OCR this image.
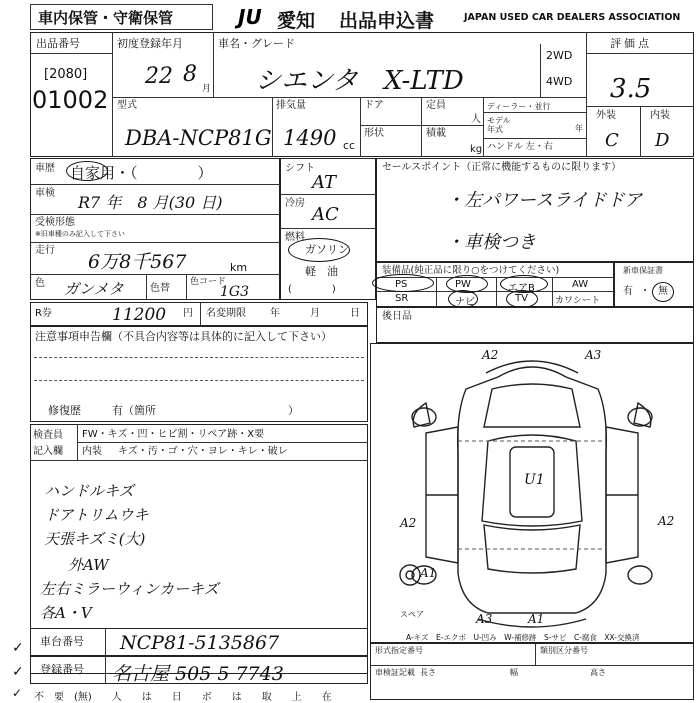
車内保管・守衛保管	JU 愛知 出品申込書	JAPAN USED CAR DEALERS ASSOCIATION
出品番号
[2080]
01002
初度登録年月
22 8
月
車名・グレード
シエンタ　X-LTD
2WD
4WD
評価点
3.5
外装	内装
C D
型式
DBA-NCP81G
排気量
1490 cc
ドア	定員
人
形状	積載
kg
ディーラー・並行
モデル年式	年
ハンドル 左・右
車歴 自家用・（　　　　）
車検 R7 年　8 月(30 日)
受検形態
※旧車種のみ記入して下さい
走行
6万8千567	km
色 ガンメタ	色替
色コード
1G3
シフト
AT
冷房
AC
燃料
ガソリン
軽　油
(　　　　)
セールスポイント（正常に機能するものに限ります）
・左パワースライドドア
・車検つき
装備品(純正品に限り○をつけてください)
PS	PW	エアB	AW
SR	ナビ	TV	カワシート
新車保証書
有 ・ 無
R券	11200 円 名変期限 年	月	日 後日品
注意事項申告欄（不具合内容等は具体的に記入して下さい）
修復歴	有（箇所　　　　　　　　　　　　）
検査員
記入欄
FW・キズ・凹・ヒビ割・リペア跡・X要
内装 キズ・汚・ゴ・穴・ヨレ・キレ・破レ
ハンドルキズ
ドアトリムウキ
天張キズミ(大)
外AW
左右ミラーウィンカーキズ
各A・V
A2	A3
A2	A2
A1
A3	A1
U1
スペア
A-キズ　E-エクボ　U-凹み　W-補修跡　S-サビ　C-腐食　XX-交換済
車台番号 NCP81-5135867
登録番号 名古屋 505 5 7743
不　要　(無)　　人　　は　　日　　ボ　　は　　取　　上　　在
✓
✓
✓
形式指定番号	類別区分番号
車検証記載 長さ	幅	高さ
